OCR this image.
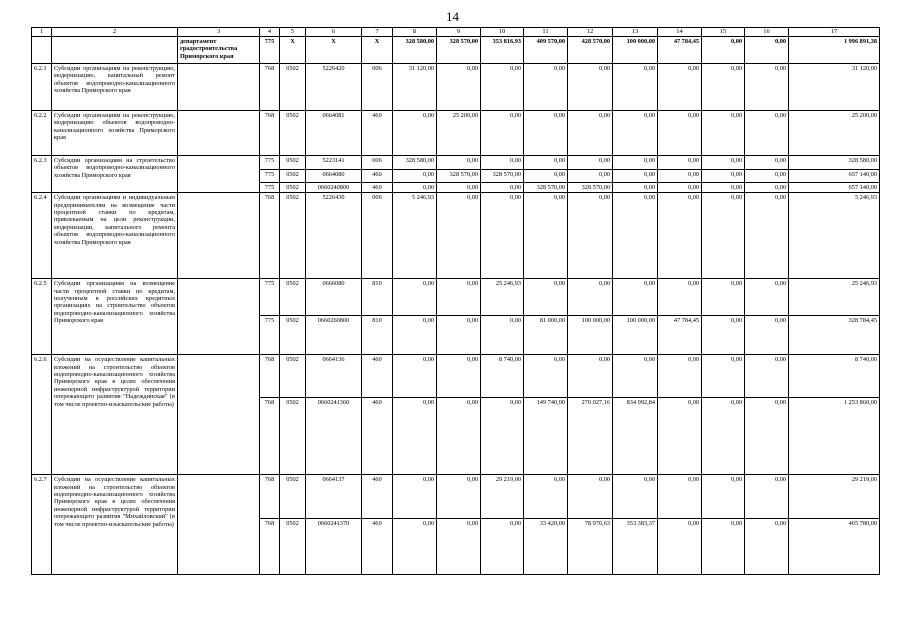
14
1	2	3	4	5	6	7	8	9	10	11	12	13	14	15	16	17
		департамент градостроительства Приморского края	775	X	X	X	328 580,00	328 570,00	353 816,93	409 570,00	428 570,00	100 000,00	47 784,45	0,00	0,00	1 996 891,38
6.2.1	Субсидии организациям на реконструкцию, модернизацию, капитальный ремонт объектов водопроводно-канализационного хозяйства Приморского края		768	0502	5226420	006	31 120,00	0,00	0,00	0,00	0,00	0,00	0,00	0,00	0,00	31 120,00
6.2.2	Субсидии организациям на реконструкцию, модернизацию объектов водопроводно-канализационного хозяйства Приморского края		768	0502	0664081	460	0,00	25 200,00	0,00	0,00	0,00	0,00	0,00	0,00	0,00	25 200,00
6.2.3	Субсидии организациям на строительство объектов водопроводно-канализационного хозяйства Приморского края		775	0502	5223141	006	328 580,00	0,00	0,00	0,00	0,00	0,00	0,00	0,00	0,00	328 580,00
			775	0502	0664080	460	0,00	328 570,00	328 570,00	0,00	0,00	0,00	0,00	0,00	0,00	657 140,00
			775	0502	0660240800	460	0,00	0,00	0,00	328 570,00	328 570,00	0,00	0,00	0,00	0,00	657 140,00
6.2.4	Субсидии организациям и индивидуальным предпринимателям на возмещение части процентной ставки по кредитам, привлекаемым на цели реконструкции, модернизации, капитального ремонта объектов водопроводно-канализационного хозяйства Приморского края		768	0502	5226430	006	5 246,93	0,00	0,00	0,00	0,00	0,00	0,00	0,00	0,00	5 246,93
6.2.5	Субсидии организациям на возмещение части процентной ставки по кредитам, полученным в российских кредитных организациях на строительство объектов водопроводно-канализационного хозяйства Приморского края		775	0502	0666080	810	0,00	0,00	25 246,93	0,00	0,00	0,00	0,00	0,00	0,00	25 246,93
			775	0502	0660260800	810	0,00	0,00	0,00	81 000,00	100 000,00	100 000,00	47 784,45	0,00	0,00	328 784,45
6.2.6	Субсидии на осуществление капитальных вложений на строительство объектов водопроводно-канализационного хозяйства Приморского края в целях обеспечения инженерной инфраструктурой территории опережающего развития "Надеждинская" (в том числе проектно-изыскательские работы)		768	0502	0664136	460	0,00	0,00	8 740,00	0,00	0,00	0,00	0,00	0,00	0,00	8 740,00
			768	0502	0660241360	460	0,00	0,00	0,00	149 740,00	270 027,16	834 092,84	0,00	0,00	0,00	1 253 860,00
6.2.7	Субсидии на осуществление капитальных вложений на строительство объектов водопроводно-канализационного хозяйства Приморского края в целях обеспечения инженерной инфраструктурой территории опережающего развития "Михайловский" (в том числе проектно-изыскательские работы)		768	0502	0664137	460	0,00	0,00	29 219,00	0,00	0,00	0,00	0,00	0,00	0,00	29 219,00
			768	0502	0660241370	460	0,00	0,00	0,00	33 420,00	78 976,63	353 383,37	0,00	0,00	0,00	465 780,00
